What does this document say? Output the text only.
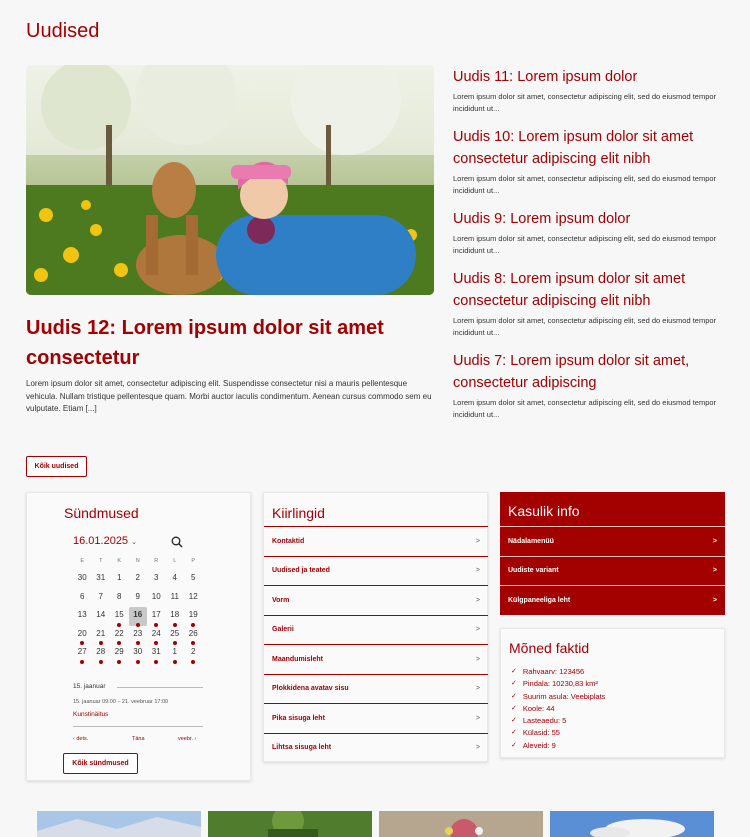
Uudised
Uudis 12: Lorem ipsum dolor sit amet consectetur

Lorem ipsum dolor sit amet, consectetur adipiscing elit. Suspendisse consectetur nisi a mauris pellentesque vehicula. Nullam tristique pellentesque quam. Morbi auctor iaculis condimentum. Aenean cursus commodo sem eu vulputate. Etiam [...]

Uudis 11: Lorem ipsum dolor

Lorem ipsum dolor sit amet, consectetur adipiscing elit, sed do eiusmod tempor incididunt ut...

Uudis 10: Lorem ipsum dolor sit amet consectetur adipiscing elit nibh

Lorem ipsum dolor sit amet, consectetur adipiscing elit, sed do eiusmod tempor incididunt ut...

Uudis 9: Lorem ipsum dolor

Lorem ipsum dolor sit amet, consectetur adipiscing elit, sed do eiusmod tempor incididunt ut...

Uudis 8: Lorem ipsum dolor sit amet consectetur adipiscing elit nibh

Lorem ipsum dolor sit amet, consectetur adipiscing elit, sed do eiusmod tempor incididunt ut...

Uudis 7: Lorem ipsum dolor sit amet, consectetur adipiscing

Lorem ipsum dolor sit amet, consectetur adipiscing elit, sed do eiusmod tempor incididunt ut...

Kõik uudised
Sündmused
16.01.2025 ⌄
E	T	K	N	R	L	P
30	31	1	2	3	4	5
6	7	8	9	10	11	12
13	14	15	16	17	18	19
20	21	22	23	24	25	26
27	28	29	30	31	1	2
15. jaanuar
15. jaanuar 09:00 – 21. veebruar 17:00
Kunstinäitus
‹ dets.	Täna	veebr. ›
Kõik sündmused
Kiirlingid
Kontaktid	>
Uudised ja teated	>
Vorm	>
Galerii	>
Maandumisleht	>
Plokkidena avatav sisu	>
Pika sisuga leht	>
Lihtsa sisuga leht	>
Kasulik info
Nädalamenüü	>
Uudiste variant	>
Külgpaneeliga leht	>
Mõned faktid
✓ Rahvaarv: 123456
✓ Pindala: 10230,83 km²
✓ Suurim asula: Veebiplats
✓ Koole: 44
✓ Lasteaedu: 5
✓ Külasid: 55
✓ Aleveid: 9
